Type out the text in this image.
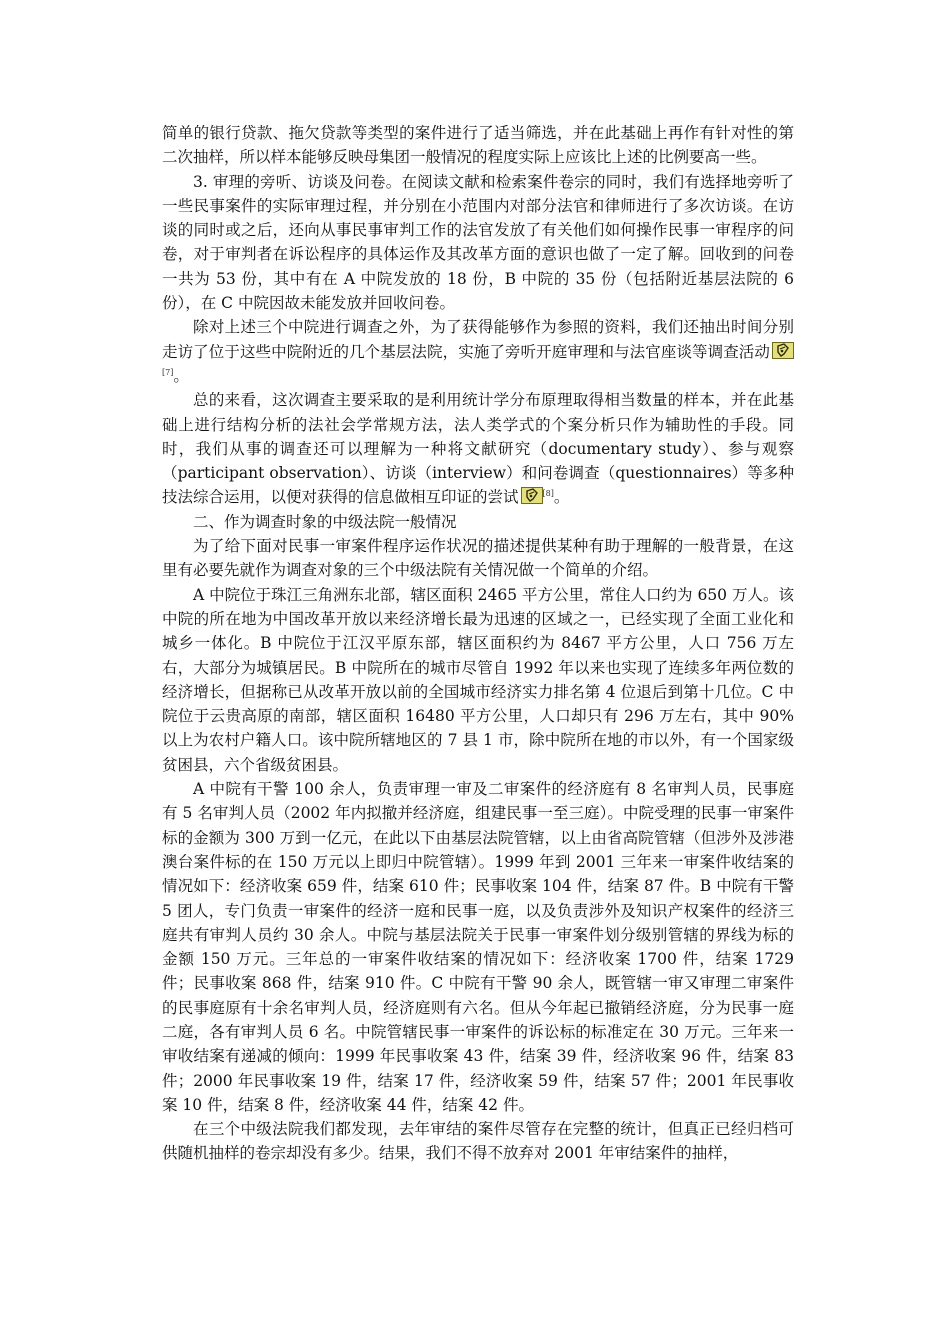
简单的银行贷款、拖欠贷款等类型的案件进行了适当筛选，并在此基础上再作有针对性的第二次抽样，所以样本能够反映母集团一般情况的程度实际上应该比上述的比例要高一些。

3. 审理的旁听、访谈及问卷。在阅读文献和检索案件卷宗的同时，我们有选择地旁听了一些民事案件的实际审理过程，并分别在小范围内对部分法官和律师进行了多次访谈。在访谈的同时或之后，还向从事民事审判工作的法官发放了有关他们如何操作民事一审程序的问卷，对于审判者在诉讼程序的具体运作及其改革方面的意识也做了一定了解。回收到的问卷一共为 53 份，其中有在 A 中院发放的 18 份，B 中院的 35 份（包括附近基层法院的 6 份），在 C 中院因故未能发放并回收问卷。

除对上述三个中院进行调查之外，为了获得能够作为参照的资料，我们还抽出时间分别走访了位于这些中院附近的几个基层法院，实施了旁听开庭审理和与法官座谈等调查活动
[7]。

总的来看，这次调查主要采取的是利用统计学分布原理取得相当数量的样本，并在此基础上进行结构分析的法社会学常规方法，法人类学式的个案分析只作为辅助性的手段。同时，我们从事的调查还可以理解为一种将文献研究（documentary study）、参与观察（participant observation）、访谈（interview）和问卷调查（questionnaires）等多种技法综合运用，以便对获得的信息做相互印证的尝试	[8]。

二、作为调查时象的中级法院一般情况

为了给下面对民事一审案件程序运作状况的描述提供某种有助于理解的一般背景，在这里有必要先就作为调查对象的三个中级法院有关情况做一个简单的介绍。

A 中院位于珠江三角洲东北部，辖区面积 2465 平方公里，常住人口约为 650 万人。该中院的所在地为中国改革开放以来经济增长最为迅速的区域之一，已经实现了全面工业化和城乡一体化。B 中院位于江汉平原东部，辖区面积约为 8467 平方公里，人口 756 万左右，大部分为城镇居民。B 中院所在的城市尽管自 1992 年以来也实现了连续多年两位数的经济增长，但据称已从改革开放以前的全国城市经济实力排名第 4 位退后到第十几位。C 中院位于云贵高原的南部，辖区面积 16480 平方公里，人口却只有 296 万左右，其中 90%以上为农村户籍人口。该中院所辖地区的 7 县 1 市，除中院所在地的市以外，有一个国家级贫困县，六个省级贫困县。

A 中院有干警 100 余人，负责审理一审及二审案件的经济庭有 8 名审判人员，民事庭有 5 名审判人员（2002 年内拟撤并经济庭，组建民事一至三庭）。中院受理的民事一审案件标的金额为 300 万到一亿元，在此以下由基层法院管辖，以上由省高院管辖（但涉外及涉港澳台案件标的在 150 万元以上即归中院管辖）。1999 年到 2001 三年来一审案件收结案的情况如下：经济收案 659 件，结案 610 件；民事收案 104 件，结案 87 件。B 中院有干警 5 团人，专门负责一审案件的经济一庭和民事一庭，以及负责涉外及知识产权案件的经济三庭共有审判人员约 30 余人。中院与基层法院关于民事一审案件划分级别管辖的界线为标的金额 150 万元。三年总的一审案件收结案的情况如下：经济收案 1700 件，结案 1729 件；民事收案 868 件，结案 910 件。C 中院有干警 90 余人，既管辖一审又审理二审案件的民事庭原有十余名审判人员，经济庭则有六名。但从今年起已撤销经济庭，分为民事一庭二庭，各有审判人员 6 名。中院管辖民事一审案件的诉讼标的标准定在 30 万元。三年来一审收结案有递减的倾向：1999 年民事收案 43 件，结案 39 件，经济收案 96 件，结案 83 件；2000 年民事收案 19 件，结案 17 件，经济收案 59 件，结案 57 件；2001 年民事收案 10 件，结案 8 件，经济收案 44 件，结案 42 件。

在三个中级法院我们都发现，去年审结的案件尽管存在完整的统计，但真正已经归档可供随机抽样的卷宗却没有多少。结果，我们不得不放弃对 2001 年审结案件的抽样，
